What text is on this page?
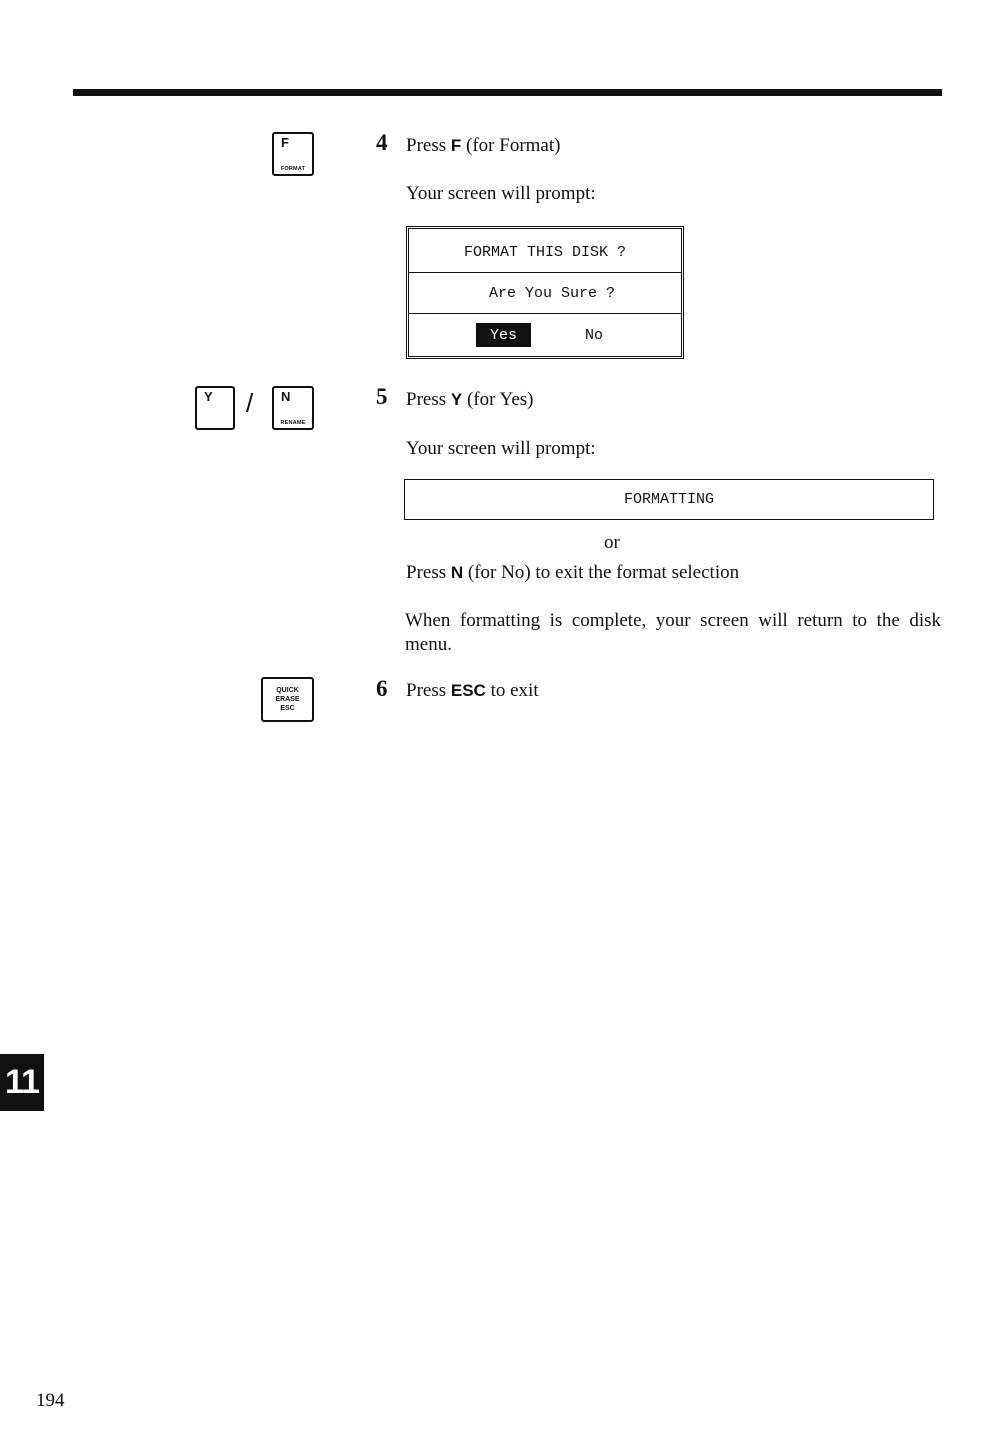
F
FORMAT
Y / N
RENAME
QUICK
ERASE
ESC
4 Press F (for Format)
Your screen will prompt:
FORMAT THIS DISK ?
Are You Sure ?
Yes	No
5 Press Y (for Yes)
Your screen will prompt:
FORMATTING
or
Press N (for No) to exit the format selection
When formatting is complete, your screen will return to the disk menu.
6 Press ESC to exit
11
194
